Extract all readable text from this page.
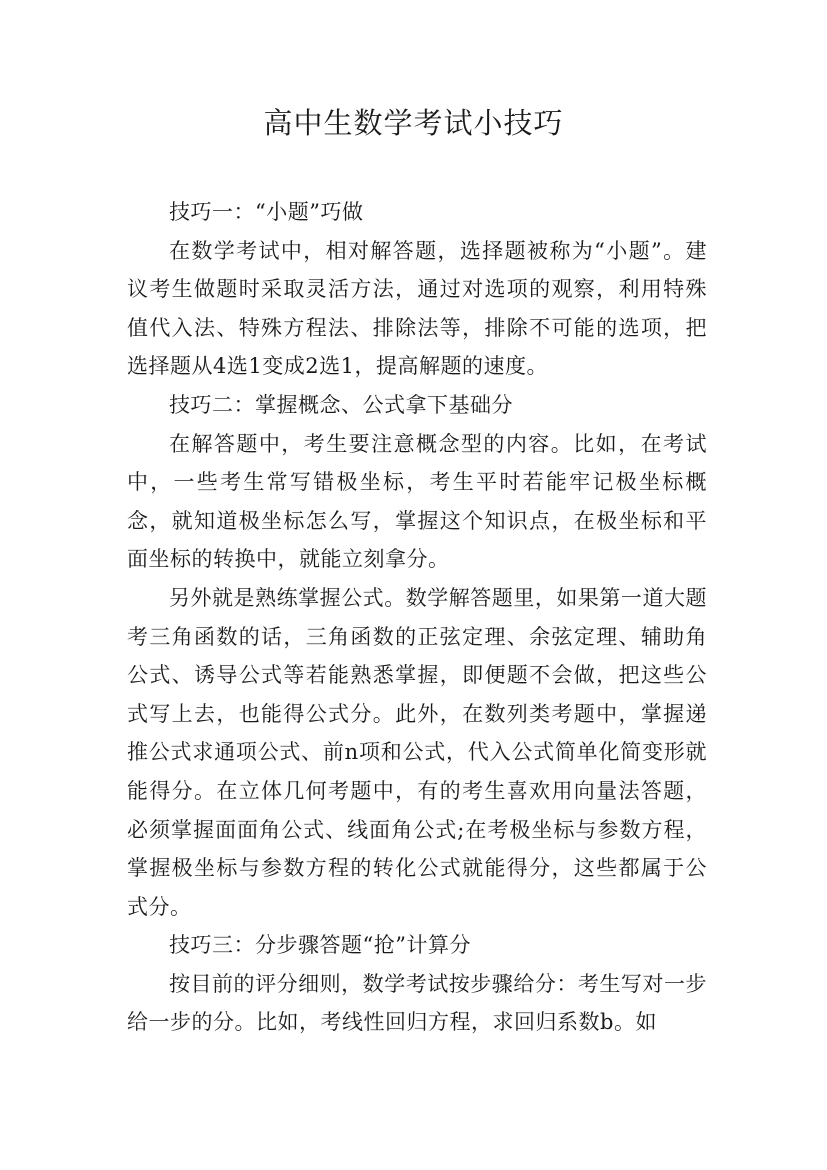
高中生数学考试小技巧

技巧一：“小题”巧做

在数学考试中，相对解答题，选择题被称为“小题”。建议考生做题时采取灵活方法，通过对选项的观察，利用特殊值代入法、特殊方程法、排除法等，排除不可能的选项，把选择题从4选1变成2选1，提高解题的速度。

技巧二：掌握概念、公式拿下基础分

在解答题中，考生要注意概念型的内容。比如，在考试中，一些考生常写错极坐标，考生平时若能牢记极坐标概念，就知道极坐标怎么写，掌握这个知识点，在极坐标和平面坐标的转换中，就能立刻拿分。

另外就是熟练掌握公式。数学解答题里，如果第一道大题考三角函数的话，三角函数的正弦定理、余弦定理、辅助角公式、诱导公式等若能熟悉掌握，即便题不会做，把这些公式写上去，也能得公式分。此外，在数列类考题中，掌握递推公式求通项公式、前n项和公式，代入公式简单化简变形就能得分。在立体几何考题中，有的考生喜欢用向量法答题，必须掌握面面角公式、线面角公式;在考极坐标与参数方程，掌握极坐标与参数方程的转化公式就能得分，这些都属于公式分。

技巧三：分步骤答题“抢”计算分

按目前的评分细则，数学考试按步骤给分：考生写对一步给一步的分。比如，考线性回归方程，求回归系数b。如
